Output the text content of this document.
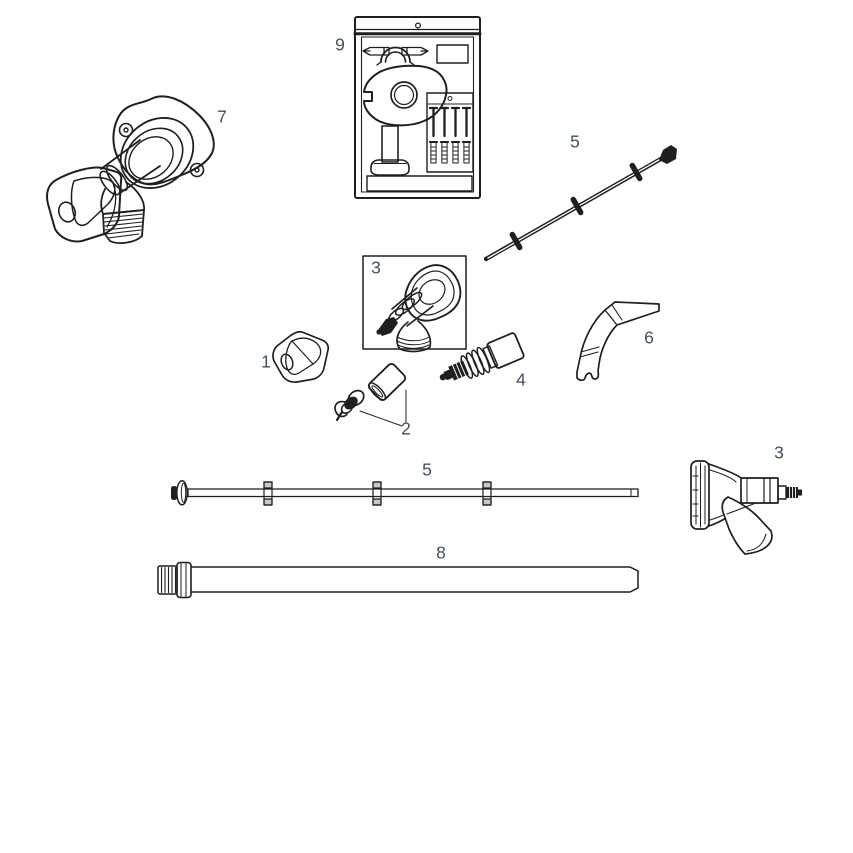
7
9
5
3
1
2
4
6
5
3
8
